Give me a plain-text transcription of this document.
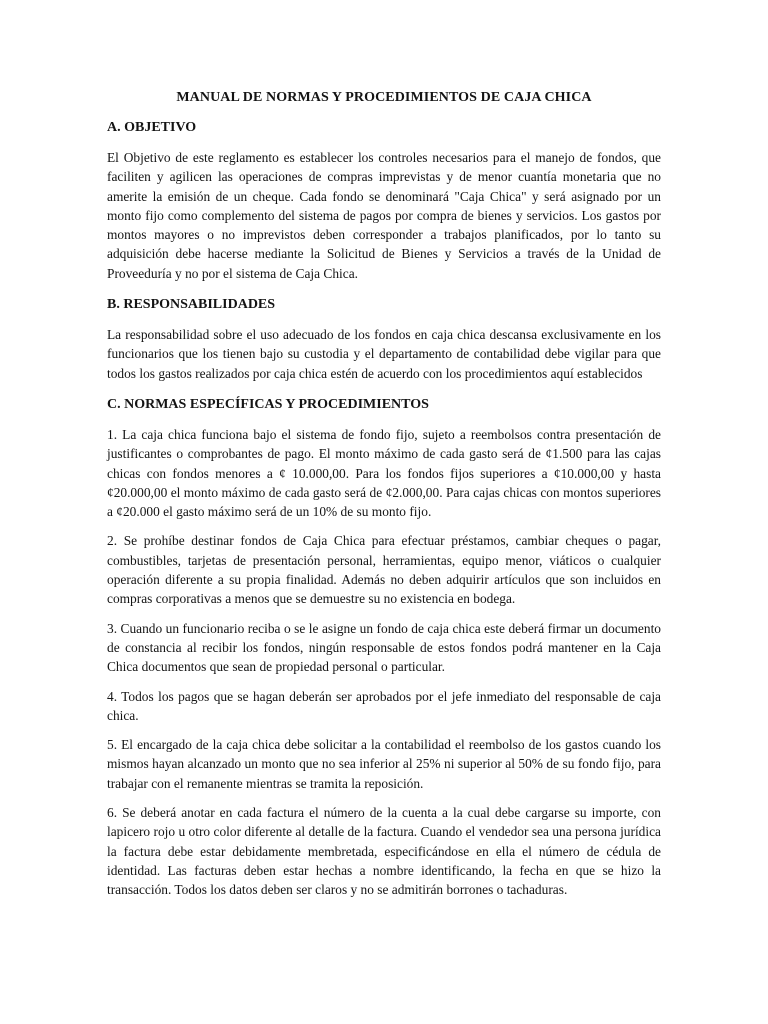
MANUAL DE NORMAS Y PROCEDIMIENTOS DE CAJA CHICA
A. OBJETIVO

El Objetivo de este reglamento es establecer los controles necesarios para el manejo de fondos, que faciliten y agilicen las operaciones de compras imprevistas y de menor cuantía monetaria que no amerite la emisión de un cheque. Cada fondo se denominará "Caja Chica" y será asignado por un monto fijo como complemento del sistema de pagos por compra de bienes y servicios. Los gastos por montos mayores o no imprevistos deben corresponder a trabajos planificados, por lo tanto su adquisición debe hacerse mediante la Solicitud de Bienes y Servicios a través de la Unidad de Proveeduría y no por el sistema de Caja Chica.

B. RESPONSABILIDADES

La responsabilidad sobre el uso adecuado de los fondos en caja chica descansa exclusivamente en los funcionarios que los tienen bajo su custodia y el departamento de contabilidad debe vigilar para que todos los gastos realizados por caja chica estén de acuerdo con los procedimientos aquí establecidos

C. NORMAS ESPECÍFICAS Y PROCEDIMIENTOS

1. La caja chica funciona bajo el sistema de fondo fijo, sujeto a reembolsos contra presentación de justificantes o comprobantes de pago. El monto máximo de cada gasto será de ¢1.500 para las cajas chicas con fondos menores a ¢ 10.000,00. Para los fondos fijos superiores a ¢10.000,00 y hasta ¢20.000,00 el monto máximo de cada gasto será de ¢2.000,00. Para cajas chicas con montos superiores a ¢20.000 el gasto máximo será de un 10% de su monto fijo.

2. Se prohíbe destinar fondos de Caja Chica para efectuar préstamos, cambiar cheques o pagar, combustibles, tarjetas de presentación personal, herramientas, equipo menor, viáticos o cualquier operación diferente a su propia finalidad. Además no deben adquirir artículos que son incluidos en compras corporativas a menos que se demuestre su no existencia en bodega.

3. Cuando un funcionario reciba o se le asigne un fondo de caja chica este deberá firmar un documento de constancia al recibir los fondos, ningún responsable de estos fondos podrá mantener en la Caja Chica documentos que sean de propiedad personal o particular.

4. Todos los pagos que se hagan deberán ser aprobados por el jefe inmediato del responsable de caja chica.

5. El encargado de la caja chica debe solicitar a la contabilidad el reembolso de los gastos cuando los mismos hayan alcanzado un monto que no sea inferior al 25% ni superior al 50% de su fondo fijo, para trabajar con el remanente mientras se tramita la reposición.

6. Se deberá anotar en cada factura el número de la cuenta a la cual debe cargarse su importe, con lapicero rojo u otro color diferente al detalle de la factura. Cuando el vendedor sea una persona jurídica la factura debe estar debidamente membretada, especificándose en ella el número de cédula de identidad. Las facturas deben estar hechas a nombre identificando, la fecha en que se hizo la transacción. Todos los datos deben ser claros y no se admitirán borrones o tachaduras.
